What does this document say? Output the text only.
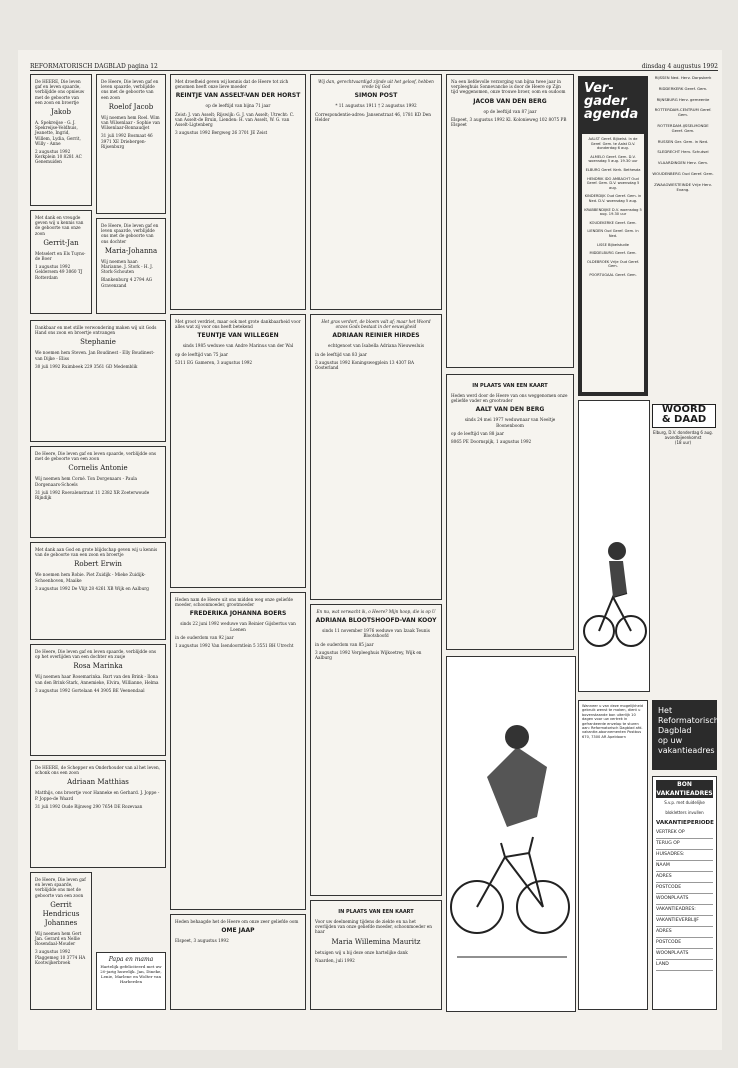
REFORMATORISCH DAGBLAD pagina 12	dinsdag 4 augustus 1992

De HEERE, Die leven gaf en leven spaarde, verblijdde ons opnieuw met de geboorte van een zoon en broertje

Jakob

A. Spekreijse - G. J. Spekreijse-Veldhuis, Jeanette, Ingrid, Willem, Lydia, Gerrit, Willy - Anne

2 augustus 1992 Kerkplein 10 8281 AC Genemuiden

Met dank en vreugde geven wij u kennis van de geboorte van onze zoon

Gerrit-Jan

Metselert en Els Tuyns-de Boer

1 augustus 1992 Geldersem 49 3060 TJ Rotterdam

De Heere, Die leven gaf en leven spaarde, verblijdde ons met de geboorte van een zoon

Roelof Jacob

Wij noemen hem Roel. Wim van Wilsenlaar - Sophie van Wilsenlaar-Bonnaudjet

31 juli 1992 Bosmaat 46 3971 XE Driebergen-Rijsenburg

De Heere, Die leven gaf en leven spaarde, verblijdde ons met de geboorte van ons dochter

Maria-Johanna

Wij noemen haar: Marianne. J. Stork - H. J. Stork-Schouten

Blankenburg 4 2794 AG Gravenzand

Dankbaar en met stille verwondering maken wij uit Gods Hand ons zoon en broertje ontvangen

Stephanie

We noemen hem Steven. Jan Boudinest - Elly Boudinest-van Dijke - Eliss

30 juli 1992 Ruimbeek 229 3561 GD Medemblik

De Heere, Die leven gaf en leven spaarde, verblijdde ons met de geboorte van een zoon

Cornelis Antonie

Wij noemen hem Corné. Ton Dorgenaars - Paula Dorgenaars-Schoels

31 juli 1992 Roevalenstraat 11 2382 XR Zoeterwoude Rijndijk

Met dank aan God en grote blijdschap geven wij u kennis van de geboorte van een zoon en broertje

Robert Erwin

We noemen hem Robie. Piet Zuidijk - Mieke Zuidijk-Schoenhoven, Maaike

3 augustus 1992 De Vlijt 28 4261 XB Wijk en Aalburg

De Heere, Die leven gaf en leven spaarde, verblijdde ons op het overlijden van een dochter en zusje

Rosa Marinka

Wij noemen haar Rosemarinka. Bart van den Brink - Ilona van den Brink-Stark, Annemieke, Elvira, Willianne, Helma

3 augustus 1992 Gortelaan 44 3905 BE Veenendaal

De HEERE, de Schepper en Onderhouder van al het leven, schonk ons een zoon

Adriaan Matthias

Matthijs, ons broertje voor Hanneke en Gerhard. J. Joppe - P. Joppe-de Waard

31 juli 1992 Oude Rijnweg 290 7654 DE Rozevaan

De Heere, Die leven gaf en leven spaarde, verblijdde ons met de geboorte van een zoon

Gerrit Hendricus Johannes

Wij noemen hem Gert Jan. Gerard en Nellie Rosendaal-Mouder

3 augustus 1992 Plaggemeg 10 3774 HA Kootwijkerbroek	Papa en mama
Hartelijk gefeliciteerd met uw 20-jarig huwelijk. Jan, Dineke, Lenie, Marlene en Wolter van Harberden

Met droefheid geven wij kennis dat de Heere tot zich genomen heeft onze lieve moeder

REINTJE VAN ASSELT-VAN DER HORST

op de leeftijd van bijna 71 jaar

Zeist: J. van Asselt; Rijswijk: G. J. van Asselt; Utrecht: C. van Asselt-de Bruin, Lienden: H. van Asselt, W. G. van Asselt-Ligtenberg

3 augustus 1992 Bergweg 26 3701 JE Zeist

Met groot verdriet, maar ook met grote dankbaarheid voor alles wat zij voor ons heeft betekend

TEUNTJE VAN WILLEGEN

sinds 1985 weduwe van Andre Marinus van der Wal

op de leeftijd van 75 jaar

5311 EG Gameren, 3 augustus 1992

Heden nam de Heere uit ons midden weg onze geliefde moeder, schoonmoeder, grootmoeder

FREDERIKA JOHANNA BOERS

sinds 22 juni 1992 weduwe van Reinier Gijsbertus van Loenen

in de ouderdom van 92 jaar

1 augustus 1992 Van Isendoorntlein 5 3551 BH Utrecht

Heden behaagde het de Heere om onze zeer geliefde oom

OME JAAP

Elspeet, 3 augustus 1992

Wij dan, gerechtvaardigd zijnde uit het geloof, hebben vrede bij God

SIMON POST

* 11 augustus 1911 † 2 augustus 1992

Correspondentie-adres: Jansenstraat 46, 1781 KD Den Helder

Het gras verdort, de bloem valt af; maar het Woord onzes Gods bestaat in der eeuwigheid

ADRIAAN REINIER HIRDES

echtgenoot van Isabella Adriana Nieuwesluis

in de leeftijd van 83 jaar

3 augustus 1992 Koningswegplein 13 4307 BA Oosterland

En nu, wat verwacht ik, o Heere? Mijn hoop, die is op U

ADRIANA BLOOTSHOOFD-VAN KOOY

sinds 11 november 1976 weduwe van Izaak Teunis Blootshoofd

in de ouderdom van 85 jaar

3 augustus 1992 Verpleeghuis Wijkoetrey, Wijk en Aalburg

IN PLAATS VAN EEN KAART

Voor uw deelneming tijdens de ziekte en na het overlijden van onze geliefde moeder, schoonmoeder en haar

Maria Willemina Mauritz

betuigen wij u bij deze onze hartelijke dank

Naarden, juli 1992

Na een liefdevolle verzorging van bijna twee jaar in verpleeghuis Sonnevancke is door de Heere op Zijn tijd weggenomen, onze trouwe broer, oom en oudoom

JACOB VAN DEN BERG

op de leeftijd van 87 jaar

Elspeet, 3 augustus 1992 Kl. Kolonieweg 102 8075 PB Elspeet

IN PLAATS VAN EEN KAART

Heden werd door de Heere van ons weggenomen onze geliefde vader en grootvader

AALT VAN DEN BERG

sinds 24 mei 1977 weduwnaar van Neeltje Boonenboom

op de leeftijd van 88 jaar

8065 PE Doornspijk, 1 augustus 1992

Ver-
gader
agenda

AALST Geref. Bijbelst. In de Geref. Gem. te Aalst D.V. donderdag 6 aug.

ALMELO Geref. Gem. D.V. woensdag 5 aug. 19.30 uur

ELBURG Geref. Kerk. Bethesda

HENDRIK IDO AMBACHT Oud Geref. Gem. D.V. woensdag 5 aug.

KINDERDIJK Oud Geref. Gem. in Ned. D.V. woensdag 5 aug.

KRABBENDIJKE D.V. woensdag 5 aug. 19.30 uur

KOUDEKERKE Geref. Gem.

LIENDEN Oud Geref. Gem. in Ned.

LISSE Bijbelstudie

MIDDELBURG Geref. Gem.

OLDEBROEK Vrije Oud Geref. Gem.

POORTUGAAL Geref. Gem.

RIJSSEN Ned. Herv. Dorpskerk

RIDDERKERK Geref. Gem.

RIJNSBURG Herv. gemeente

ROTTERDAM-CENTRUM Geref. Gem.

ROTTERDAM-IJSSELMONDE Geref. Gem.

RUSSEN Ger. Gem. in Ned.

SLEDRECHT Herv. Schutsel

VLAARDINGEN Herv. Gem.

WOUDENBERG Oud Geref. Gem.

ZWAAGWESTEINDE Vrije Herv. Evang.

WOORD
& DAAD
Elburg, D.V. donderdag 6 aug. avondbijeenkomst
(18 uur)
Het
Reformatorisch Dagblad
op uw
vakantieadres
Wanneer u van deze mogelijkheid gebruik wenst te maken, dient u bovenstaande bon uiterlijk 10 dagen voor uw vertrek in gefrankeerde envelop te sturen aan: Reformatorisch Dagblad afd. vakantie-abonnementen Postbus 670, 7300 AR Apeldoorn
BON VAKANTIEADRES
S.v.p. met duidelijke blokletters invullen
VAKANTIEPERIODE
VERTREK OP
TERUG OP
HUISADRES:
NAAM
ADRES
POSTCODE
WOONPLAATS
VAKANTIEADRES:
VAKANTIEVERBLIJF
ADRES
POSTCODE
WOONPLAATS
LAND
